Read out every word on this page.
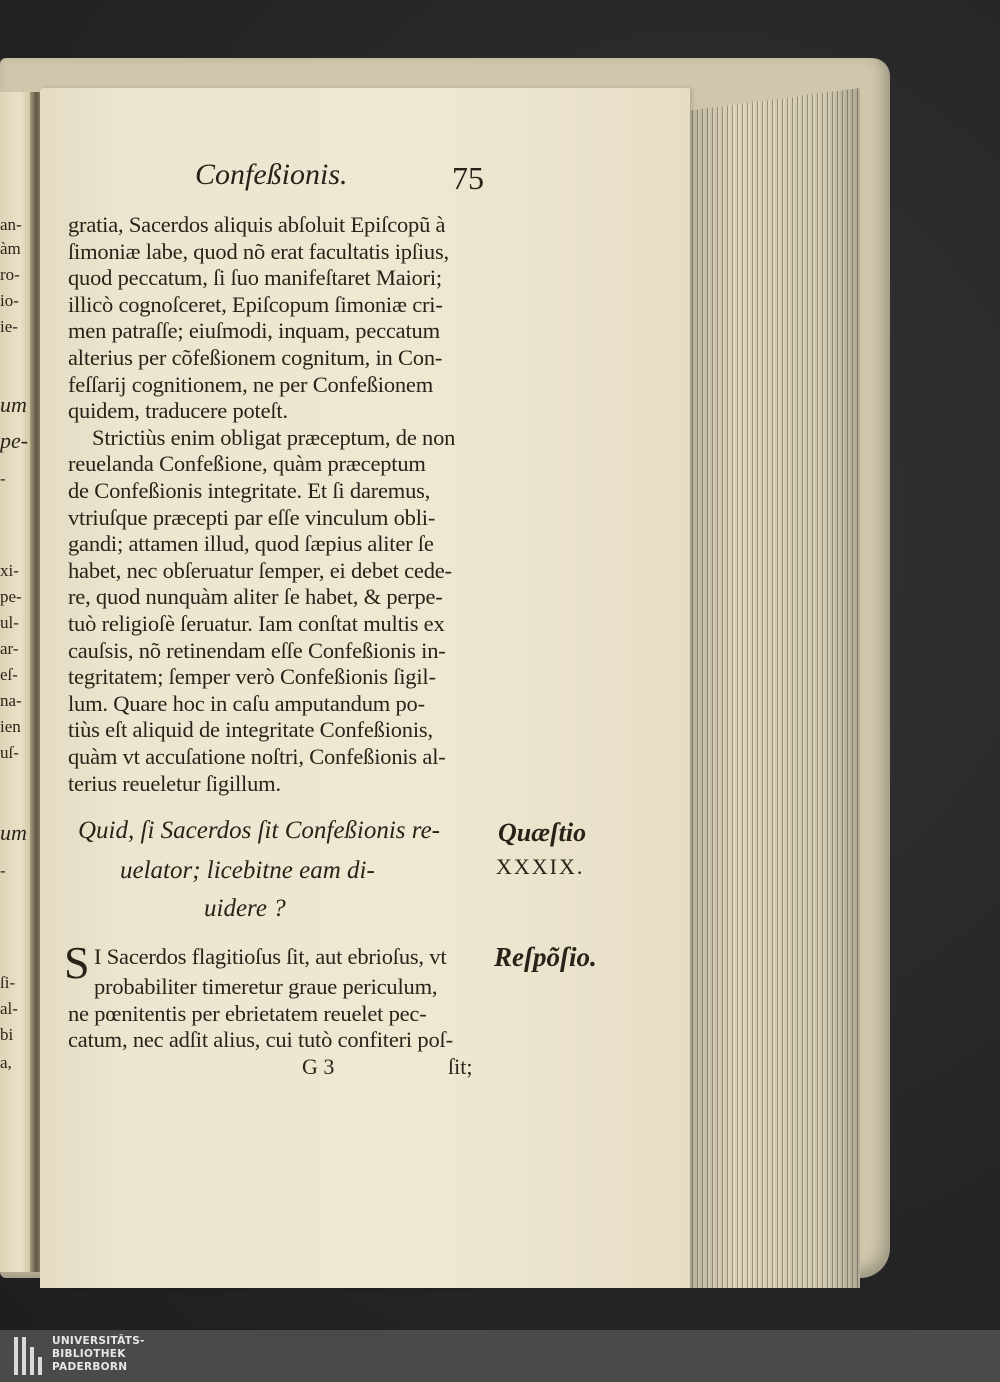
an-
àm
ro-
io-
ie-
um
pe-
-
xi-
pe-
ul-
ar-
eſ-
na-
ien
uſ-
um
-
ſi-
al-
bi
a,
Confeßionis.	75
gratia, Sacerdos aliquis abſoluit Epiſcopũ à
ſimoniæ labe, quod nõ erat facultatis ipſius,
quod peccatum, ſi ſuo manifeſtaret Maiori;
illicò cognoſceret, Epiſcopum ſimoniæ cri-
men patraſſe; eiuſmodi, inquam, peccatum
alterius per cõfeßionem cognitum, in Con-
feſſarij cognitionem, ne per Confeßionem
quidem, traducere poteſt.
Strictiùs enim obligat præceptum, de non
reuelanda Confeßione, quàm præceptum
de Confeßionis integritate. Et ſi daremus,
vtriuſque præcepti par eſſe vinculum obli-
gandi; attamen illud, quod ſæpius aliter ſe
habet, nec obſeruatur ſemper, ei debet cede-
re, quod nunquàm aliter ſe habet, & perpe-
tuò religioſè ſeruatur. Iam conſtat multis ex
cauſsis, nõ retinendam eſſe Confeßionis in-
tegritatem; ſemper verò Confeßionis ſigil-
lum. Quare hoc in caſu amputandum po-
tiùs eſt aliquid de integritate Confeßionis,
quàm vt accuſatione noſtri, Confeßionis al-
terius reueletur ſigillum.
Quid, ſi Sacerdos ſit Confeßionis re-
uelator; licebitne eam di-
uidere ?
Quæſtio
XXXIX.
Reſpõſio.
S I Sacerdos flagitioſus ſit, aut ebrioſus, vt
probabiliter timeretur graue periculum,
ne pœnitentis per ebrietatem reuelet pec-
catum, nec adſit alius, cui tutò confiteri poſ-
G 3	ſit;
UNIVERSITÄTS-
BIBLIOTHEK
PADERBORN
